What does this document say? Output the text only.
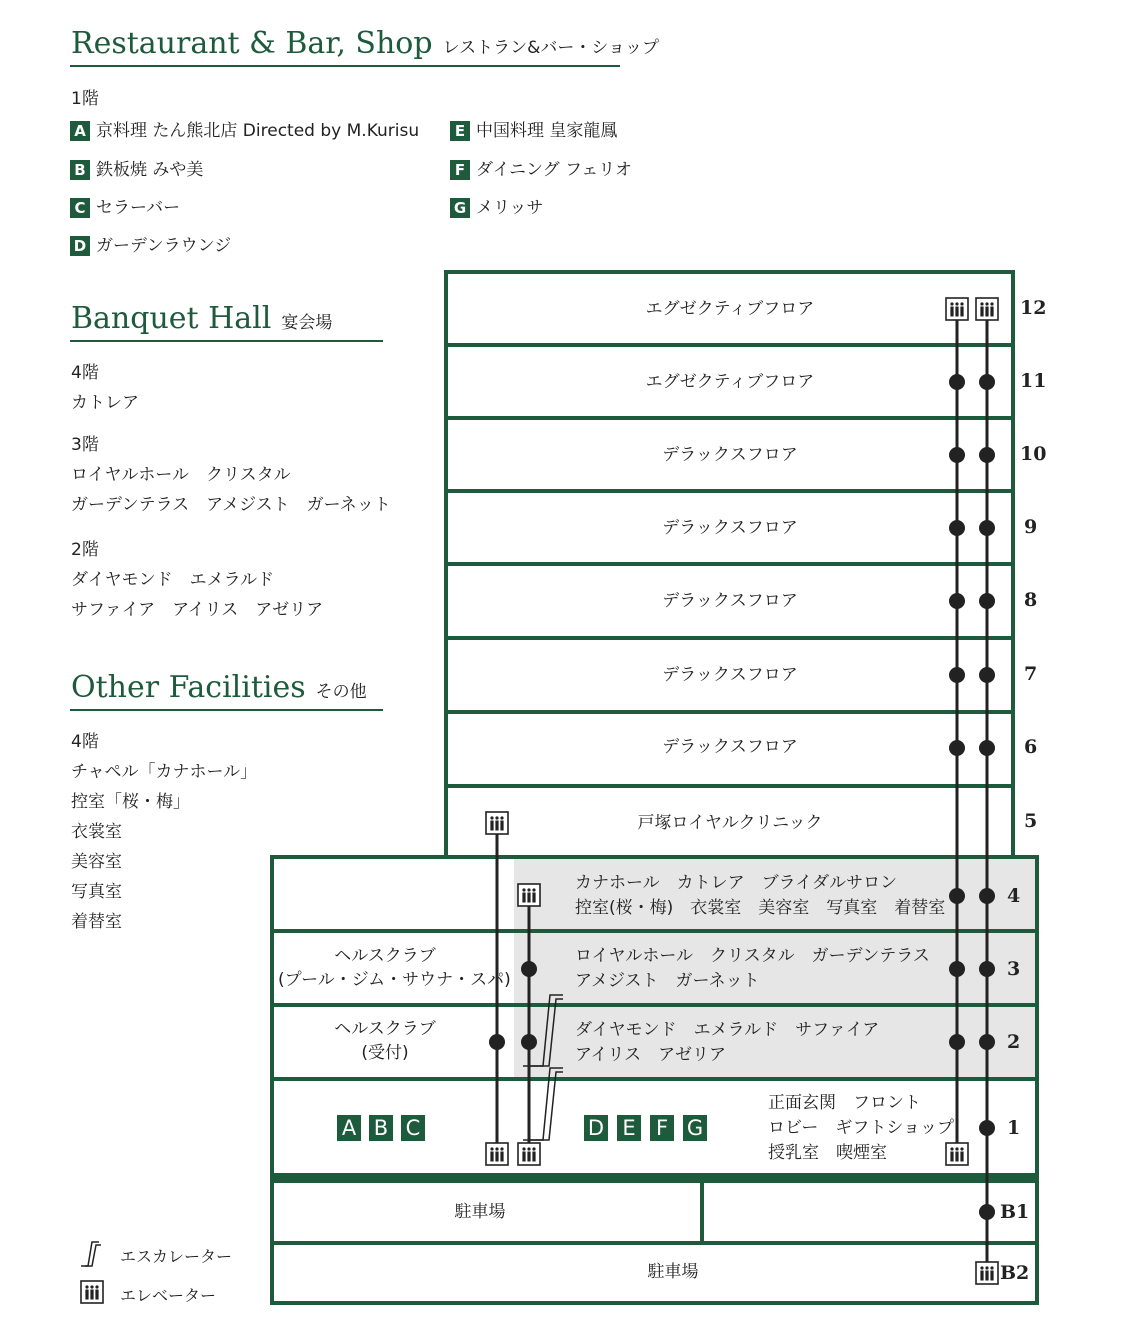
Restaurant & Bar, Shop レストラン&バー・ショップ
1階
A 京料理 たん熊北店 Directed by M.Kurisu
B 鉄板焼 みや美
C セラーバー
D ガーデンラウンジ
E 中国料理 皇家龍鳳
F ダイニング フェリオ
G メリッサ
Banquet Hall 宴会場
4階
カトレア
3階
ロイヤルホール　クリスタル
ガーデンテラス　アメジスト　ガーネット
2階
ダイヤモンド　エメラルド
サファイア　アイリス　アゼリア
Other Facilities その他
4階
チャペル「カナホール」
控室「桜・梅」
衣裳室
美容室
写真室
着替室
エグゼクティブフロア
エグゼクティブフロア
デラックスフロア
デラックスフロア
デラックスフロア
デラックスフロア
デラックスフロア
戸塚ロイヤルクリニック
カナホール　カトレア　ブライダルサロン
控室(桜・梅)　衣裳室　美容室　写真室　着替室
ヘルスクラブ
(プール・ジム・サウナ・スパ)
ロイヤルホール　クリスタル　ガーデンテラス
アメジスト　ガーネット
ヘルスクラブ
(受付)
ダイヤモンド　エメラルド　サファイア
アイリス　アゼリア
正面玄関　フロント
ロビー　ギフトショップ
授乳室　喫煙室
駐車場
駐車場
A B C	D E F G
12
11
10
9
8
7
6
5
4
3
2
1
B1
B2
エスカレーター
エレベーター
